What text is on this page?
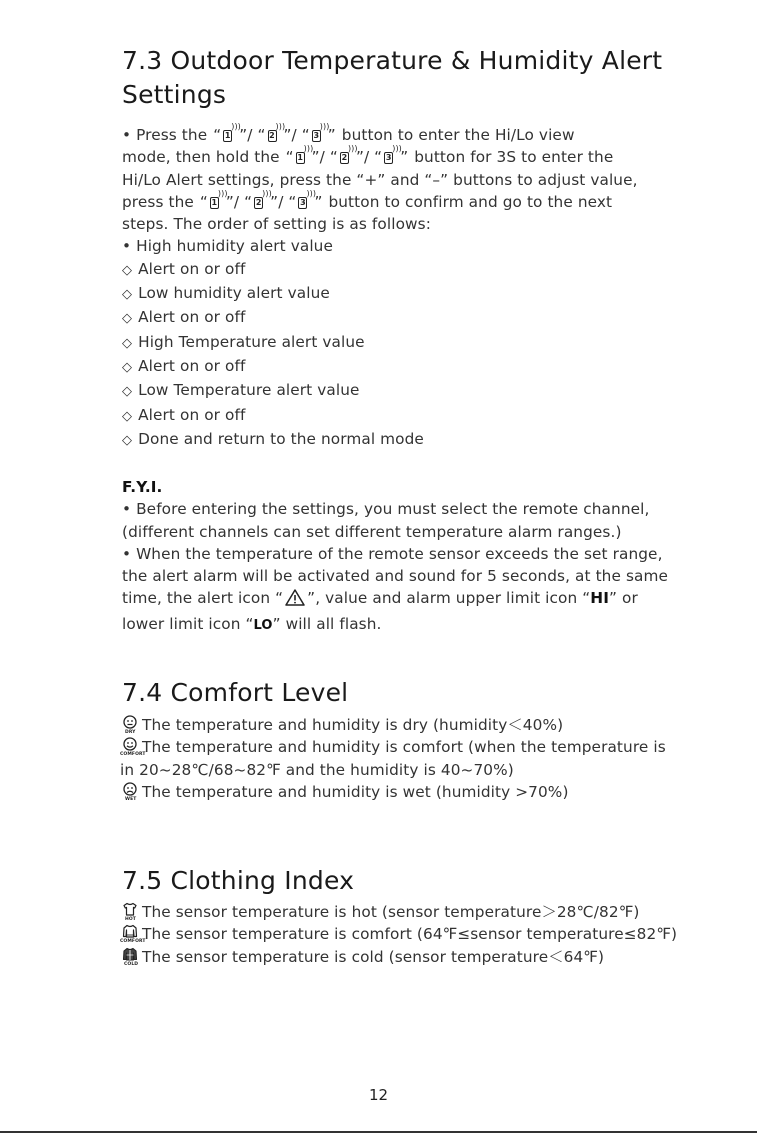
7.3 Outdoor Temperature & Humidity Alert
Settings
• Press the “ 1
)))
”/ “ 2
)))
”/ “ 3
)))
” button to enter the Hi/Lo view
mode, then hold the “ 1
)))
”/ “ 2
)))
”/ “ 3
)))
” button for 3S to enter the
Hi/Lo Alert settings, press the “+” and “–” buttons to adjust value,
press the “ 1
)))
”/ “ 2
)))
”/ “ 3
)))
” button to confirm and go to the next
steps. The order of setting is as follows:
• High humidity alert value
◇ Alert on or off
◇ Low humidity alert value
◇ Alert on or off
◇ High Temperature alert value
◇ Alert on or off
◇ Low Temperature alert value
◇ Alert on or off
◇ Done and return to the normal mode
F.Y.I.
• Before entering the settings, you must select the remote channel,
(different channels can set different temperature alarm ranges.)
• When the temperature of the remote sensor exceeds the set range,
the alert alarm will be activated and sound for 5 seconds, at the same
time, the alert icon “ ”, value and alarm upper limit icon “HI” or
lower limit icon “LO” will all flash.
7.4 Comfort Level
DRY The temperature and humidity is dry (humidity＜40%)
COMFORT
The temperature and humidity is comfort (when the temperature is
in 20~28℃/68~82℉ and the humidity is 40~70%)
WET The temperature and humidity is wet (humidity >70%)
7.5 Clothing Index
HOT The sensor temperature is hot (sensor temperature＞28℃/82℉)
COMFORT
The sensor temperature is comfort (64℉≤sensor temperature≤82℉)
COLD The sensor temperature is cold (sensor temperature＜64℉)
12
